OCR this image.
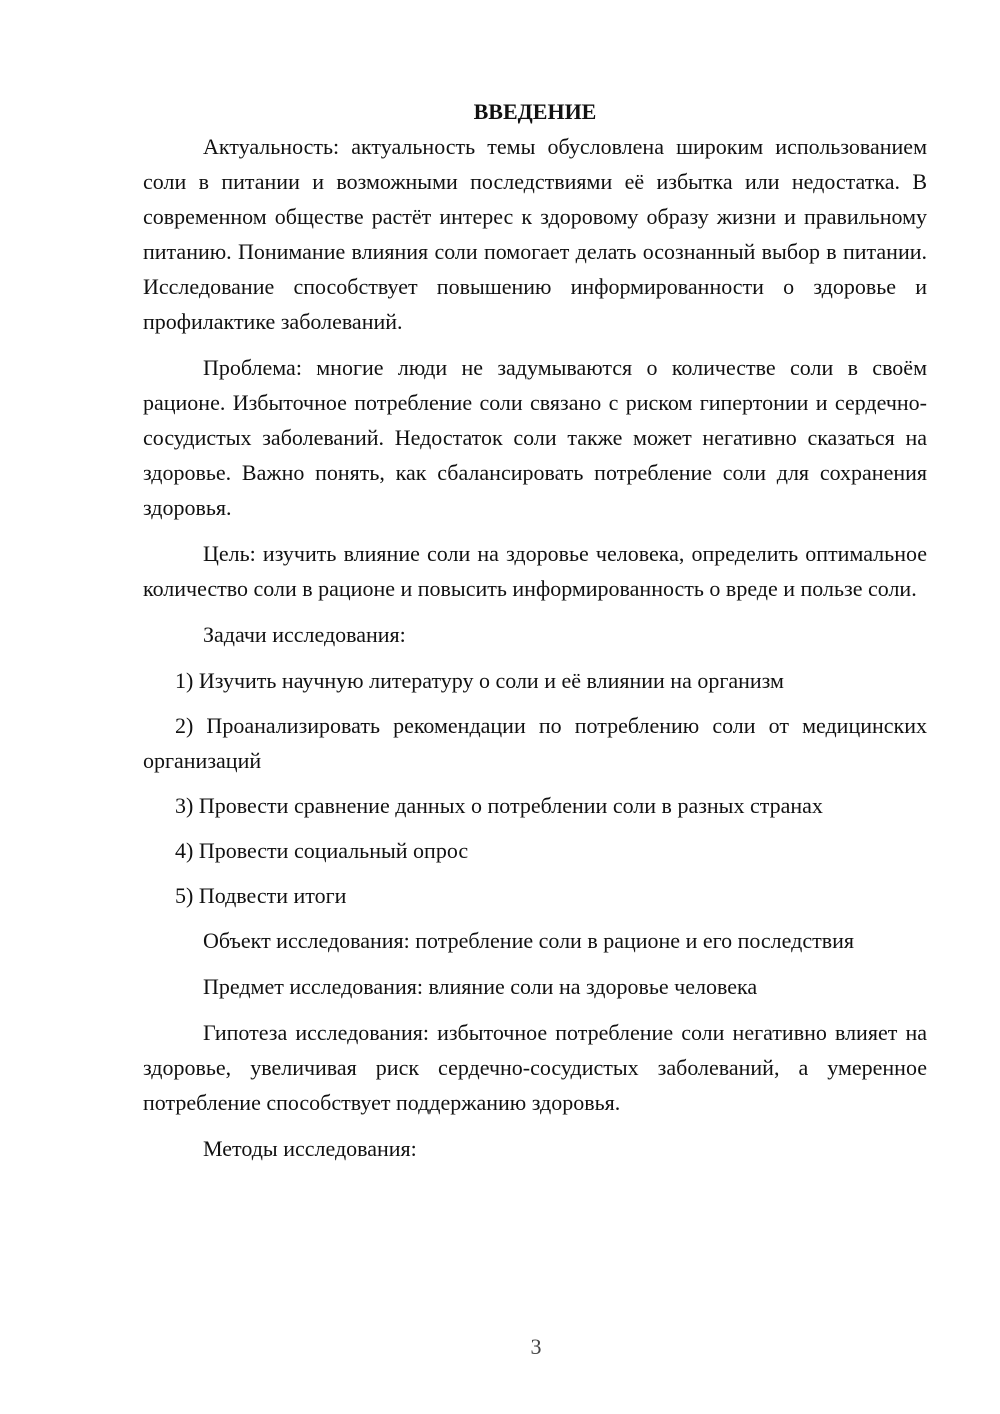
ВВЕДЕНИЕ

Актуальность: актуальность темы обусловлена широким использованием соли в питании и возможными последствиями её избытка или недостатка. В современном обществе растёт интерес к здоровому образу жизни и правильному питанию. Понимание влияния соли помогает делать осознанный выбор в питании. Исследование способствует повышению информированности о здоровье и профилактике заболеваний.

Проблема: многие люди не задумываются о количестве соли в своём рационе. Избыточное потребление соли связано с риском гипертонии и сердечно-сосудистых заболеваний. Недостаток соли также может негативно сказаться на здоровье. Важно понять, как сбалансировать потребление соли для сохранения здоровья.

Цель: изучить влияние соли на здоровье человека, определить оптимальное количество соли в рационе и повысить информированность о вреде и пользе соли.

Задачи исследования:

1) Изучить научную литературу о соли и её влиянии на организм

2) Проанализировать рекомендации по потреблению соли от медицинских организаций

3) Провести сравнение данных о потреблении соли в разных странах

4) Провести социальный опрос

5) Подвести итоги

Объект исследования: потребление соли в рационе и его последствия

Предмет исследования: влияние соли на здоровье человека

Гипотеза исследования: избыточное потребление соли негативно влияет на здоровье, увеличивая риск сердечно-сосудистых заболеваний, а умеренное потребление способствует поддержанию здоровья.

Методы исследования:

3
